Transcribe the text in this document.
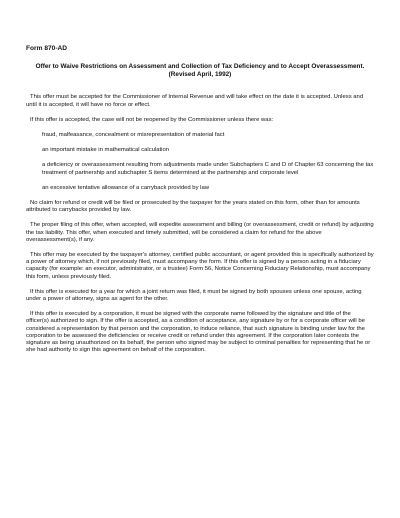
Form 870-AD
Offer to Waive Restrictions on Assessment and Collection of Tax Deficiency and to Accept Overassessment.
(Revised April, 1992)

This offer must be accepted for the Commissioner of Internal Revenue and will take effect on the date it is accepted. Unless and until it is accepted, it will have no force or effect.

If this offer is accepted, the case will not be reopened by the Commissioner unless there was:

fraud, malfeasance, concealment or misrepresentation of material fact

an important mistake in mathematical calculation

a deficiency or overassessment resulting from adjustments made under Subchapters C and D of Chapter 63 concerning the tax treatment of partnership and subchapter S items determined at the partnership and corporate level

an excessive tentative allowance of a carryback provided by law

No claim for refund or credit will be filed or prosecuted by the taxpayer for the years stated on this form, other than for amounts attributed to carrybacks provided by law.

The proper filing of this offer, when accepted, will expedite assessment and billing (or overassessment, credit or refund) by adjusting the tax liability. This offer, when executed and timely submitted, will be considered a claim for refund for the above overassessment(s), if any.

This offer may be executed by the taxpayer's attorney, certified public accountant, or agent provided this is specifically authorized by a power of attorney which, if not previously filed, must accompany the form. If this offer is signed by a person acting in a fiduciary capacity (for example: an executor, administrator, or a trustee) Form 56, Notice Concerning Fiduciary Relationship, must accompany this form, unless previously filed.

If this offer is executed for a year for which a joint return was filed, it must be signed by both spouses unless one spouse, acting under a power of attorney, signs as agent for the other.

If this offer is executed by a corporation, it must be signed with the corporate name followed by the signature and title of the officer(s) authorized to sign. If the offer is accepted, as a condition of acceptance, any signature by or for a corporate officer will be considered a representation by that person and the corporation, to induce reliance, that such signature is binding under law for the corporation to be assessed the deficiencies or receive credit or refund under this agreement. If the corporation later contests the signature as being unauthorized on its behalf, the person who signed may be subject to criminal penalties for representing that he or she had authority to sign this agreement on behalf of the corporation.
